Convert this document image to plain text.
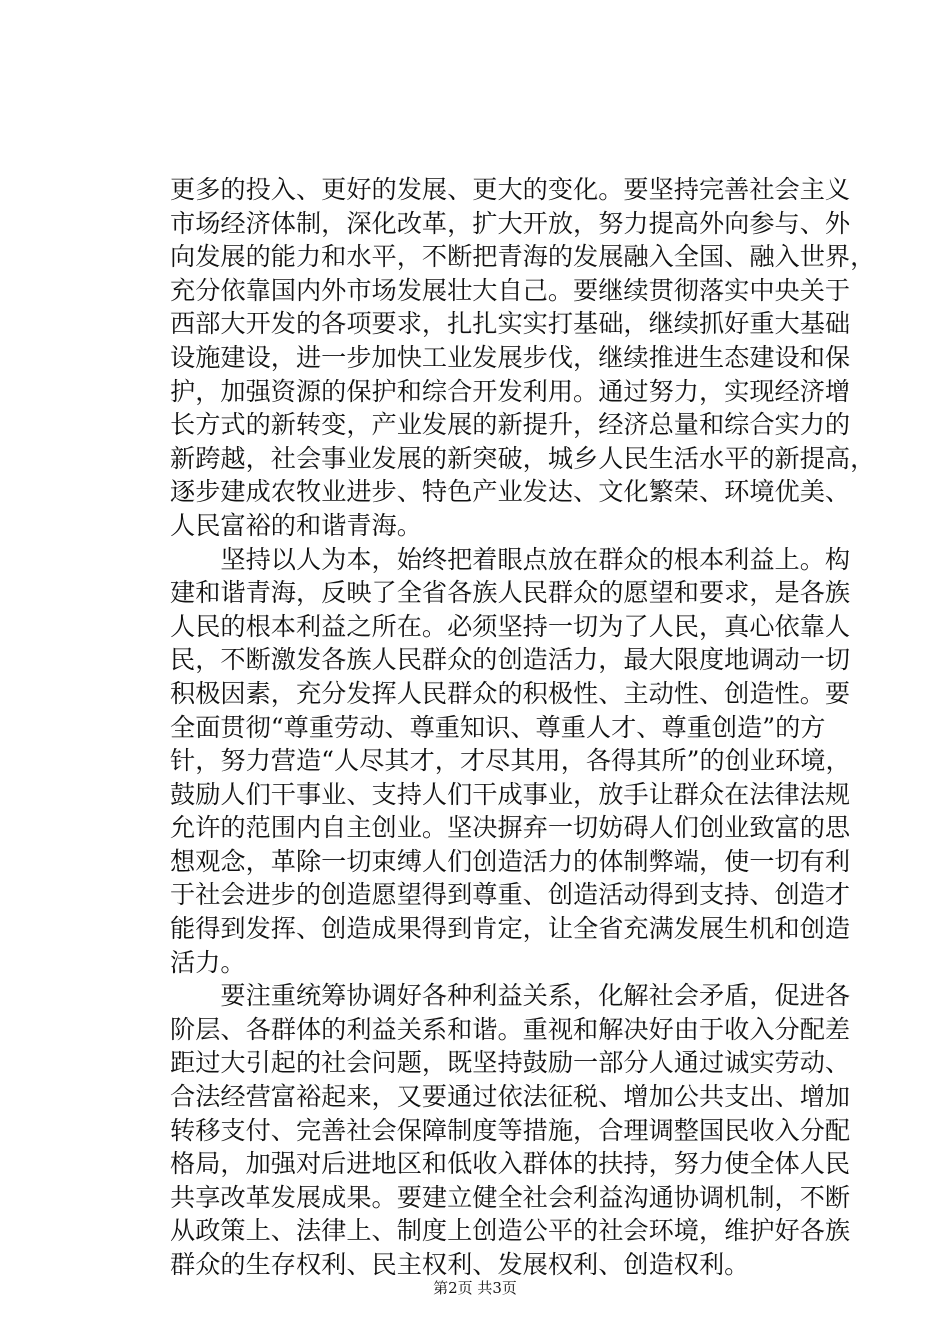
更多的投入、更好的发展、更大的变化。要坚持完善社会主义
市场经济体制，深化改革，扩大开放，努力提高外向参与、外
向发展的能力和水平，不断把青海的发展融入全国、融入世界，
充分依靠国内外市场发展壮大自己。要继续贯彻落实中央关于
西部大开发的各项要求，扎扎实实打基础，继续抓好重大基础
设施建设，进一步加快工业发展步伐，继续推进生态建设和保
护，加强资源的保护和综合开发利用。通过努力，实现经济增
长方式的新转变，产业发展的新提升，经济总量和综合实力的
新跨越，社会事业发展的新突破，城乡人民生活水平的新提高，
逐步建成农牧业进步、特色产业发达、文化繁荣、环境优美、
人民富裕的和谐青海。
　　坚持以人为本，始终把着眼点放在群众的根本利益上。构
建和谐青海，反映了全省各族人民群众的愿望和要求，是各族
人民的根本利益之所在。必须坚持一切为了人民，真心依靠人
民，不断激发各族人民群众的创造活力，最大限度地调动一切
积极因素，充分发挥人民群众的积极性、主动性、创造性。要
全面贯彻“尊重劳动、尊重知识、尊重人才、尊重创造”的方
针，努力营造“人尽其才，才尽其用，各得其所”的创业环境，
鼓励人们干事业、支持人们干成事业，放手让群众在法律法规
允许的范围内自主创业。坚决摒弃一切妨碍人们创业致富的思
想观念，革除一切束缚人们创造活力的体制弊端，使一切有利
于社会进步的创造愿望得到尊重、创造活动得到支持、创造才
能得到发挥、创造成果得到肯定，让全省充满发展生机和创造
活力。
　　要注重统筹协调好各种利益关系，化解社会矛盾，促进各
阶层、各群体的利益关系和谐。重视和解决好由于收入分配差
距过大引起的社会问题，既坚持鼓励一部分人通过诚实劳动、
合法经营富裕起来，又要通过依法征税、增加公共支出、增加
转移支付、完善社会保障制度等措施，合理调整国民收入分配
格局，加强对后进地区和低收入群体的扶持，努力使全体人民
共享改革发展成果。要建立健全社会利益沟通协调机制，不断
从政策上、法律上、制度上创造公平的社会环境，维护好各族
群众的生存权利、民主权利、发展权利、创造权利。
第2页 共3页
